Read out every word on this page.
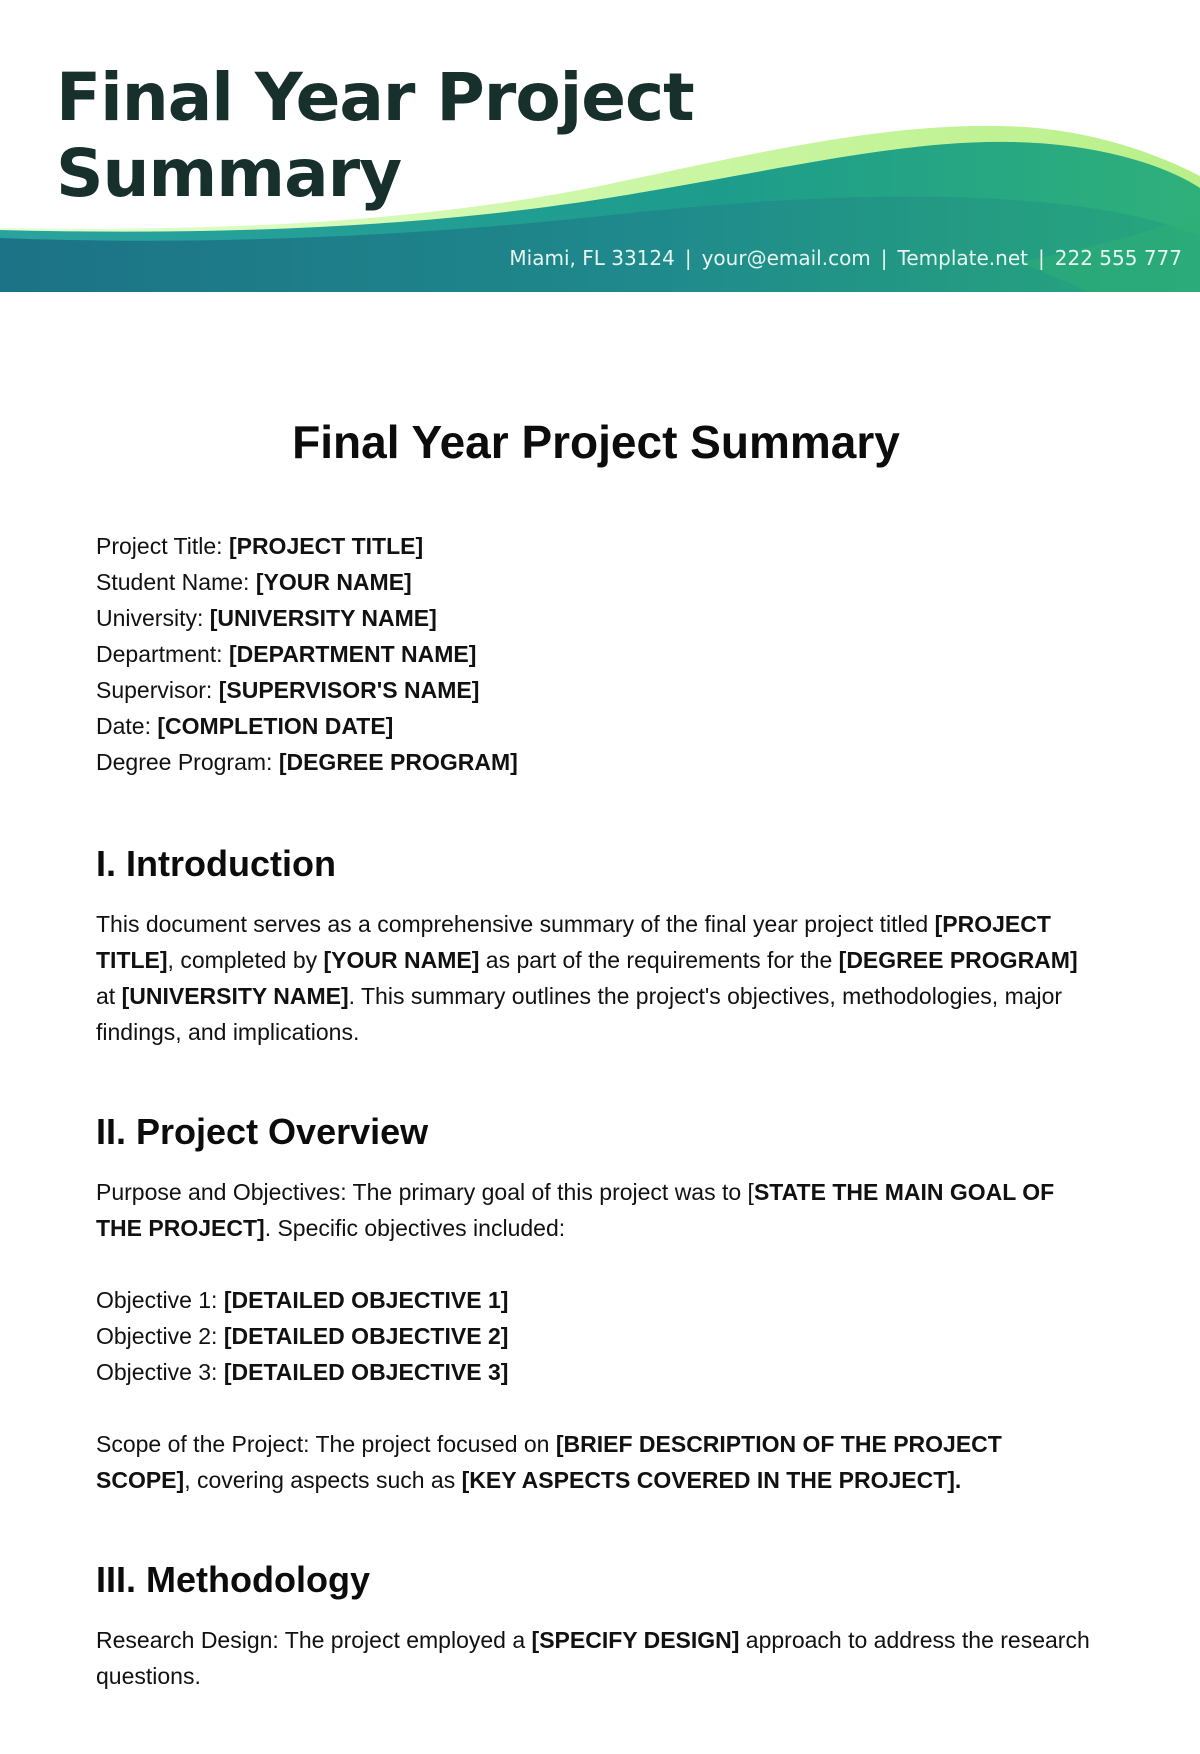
Final Year Project
Summary
Miami, FL 33124 | your@email.com | Template.net | 222 555 777
Final Year Project Summary

Project Title: [PROJECT TITLE]

Student Name: [YOUR NAME]

University: [UNIVERSITY NAME]

Department: [DEPARTMENT NAME]

Supervisor: [SUPERVISOR'S NAME]

Date: [COMPLETION DATE]

Degree Program: [DEGREE PROGRAM]

I. Introduction

This document serves as a comprehensive summary of the final year project titled [PROJECT TITLE], completed by [YOUR NAME] as part of the requirements for the [DEGREE PROGRAM] at [UNIVERSITY NAME]. This summary outlines the project's objectives, methodologies, major findings, and implications.

II. Project Overview

Purpose and Objectives: The primary goal of this project was to [STATE THE MAIN GOAL OF THE PROJECT]. Specific objectives included:

Objective 1: [DETAILED OBJECTIVE 1]

Objective 2: [DETAILED OBJECTIVE 2]

Objective 3: [DETAILED OBJECTIVE 3]

Scope of the Project: The project focused on [BRIEF DESCRIPTION OF THE PROJECT SCOPE], covering aspects such as [KEY ASPECTS COVERED IN THE PROJECT].

III. Methodology

Research Design: The project employed a [SPECIFY DESIGN] approach to address the research questions.
